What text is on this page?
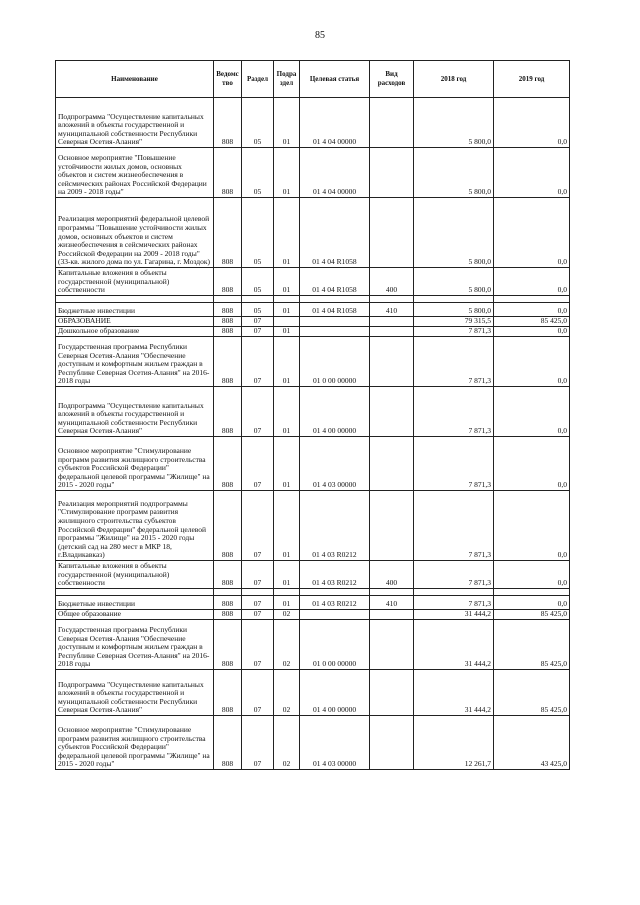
85
Наименование	Ведомс тво	Раздел	Подра здел	Целевая статья	Вид расходов	2018 год	2019 год
Подпрограмма "Осуществление капитальных вложений в объекты государственной и муниципальной собственности Республики Северная Осетия-Алания"	808	05	01	01 4 04 00000		5 800,0	0,0
Основное мероприятие "Повышение устойчивости жилых домов, основных объектов и систем жизнеобеспечения в сейсмических районах Российской Федерации на 2009 - 2018 годы"	808	05	01	01 4 04 00000		5 800,0	0,0
Реализация мероприятий федеральной целевой программы "Повышение устойчивости жилых домов, основных объектов и систем жизнеобеспечения в сейсмических районах Российской Федерации на 2009 - 2018 годы" (33-кв. жилого дома по ул. Гагарина, г. Моздок)	808	05	01	01 4 04 R1058		5 800,0	0,0
Капитальные вложения в объекты государственной (муниципальной) собственности	808	05	01	01 4 04 R1058	400	5 800,0	0,0

Бюджетные инвестиции	808	05	01	01 4 04 R1058	410	5 800,0	0,0
ОБРАЗОВАНИЕ	808	07				79 315,5	85 425,0
Дошкольное образование	808	07	01			7 871,3	0,0
Государственная программа Республики Северная Осетия-Алания "Обеспечение доступным и комфортным жильем граждан в Республике Северная Осетия-Алания" на 2016-2018 годы	808	07	01	01 0 00 00000		7 871,3	0,0
Подпрограмма "Осуществление капитальных вложений в объекты государственной и муниципальной собственности Республики Северная Осетия-Алания"	808	07	01	01 4 00 00000		7 871,3	0,0
Основное мероприятие "Стимулирование программ развития жилищного строительства субъектов Российской Федерации" федеральной целевой программы "Жилище" на 2015 - 2020 годы"	808	07	01	01 4 03 00000		7 871,3	0,0
Реализация мероприятий подпрограммы "Стимулирование программ развития жилищного строительства субъектов Российской Федерации" федеральной целевой программы "Жилище" на 2015 - 2020 годы (детский сад на 280 мест в МКР 18, г.Владикавказ)	808	07	01	01 4 03 R0212		7 871,3	0,0
Капитальные вложения в объекты государственной (муниципальной) собственности	808	07	01	01 4 03 R0212	400	7 871,3	0,0

Бюджетные инвестиции	808	07	01	01 4 03 R0212	410	7 871,3	0,0
Общее образование	808	07	02			31 444,2	85 425,0
Государственная программа Республики Северная Осетия-Алания "Обеспечение доступным и комфортным жильем граждан в Республике Северная Осетия-Алания" на 2016-2018 годы	808	07	02	01 0 00 00000		31 444,2	85 425,0
Подпрограмма "Осуществление капитальных вложений в объекты государственной и муниципальной собственности Республики Северная Осетия-Алания"	808	07	02	01 4 00 00000		31 444,2	85 425,0
Основное мероприятие "Стимулирование программ развития жилищного строительства субъектов Российской Федерации" федеральной целевой программы "Жилище" на 2015 - 2020 годы"	808	07	02	01 4 03 00000		12 261,7	43 425,0
